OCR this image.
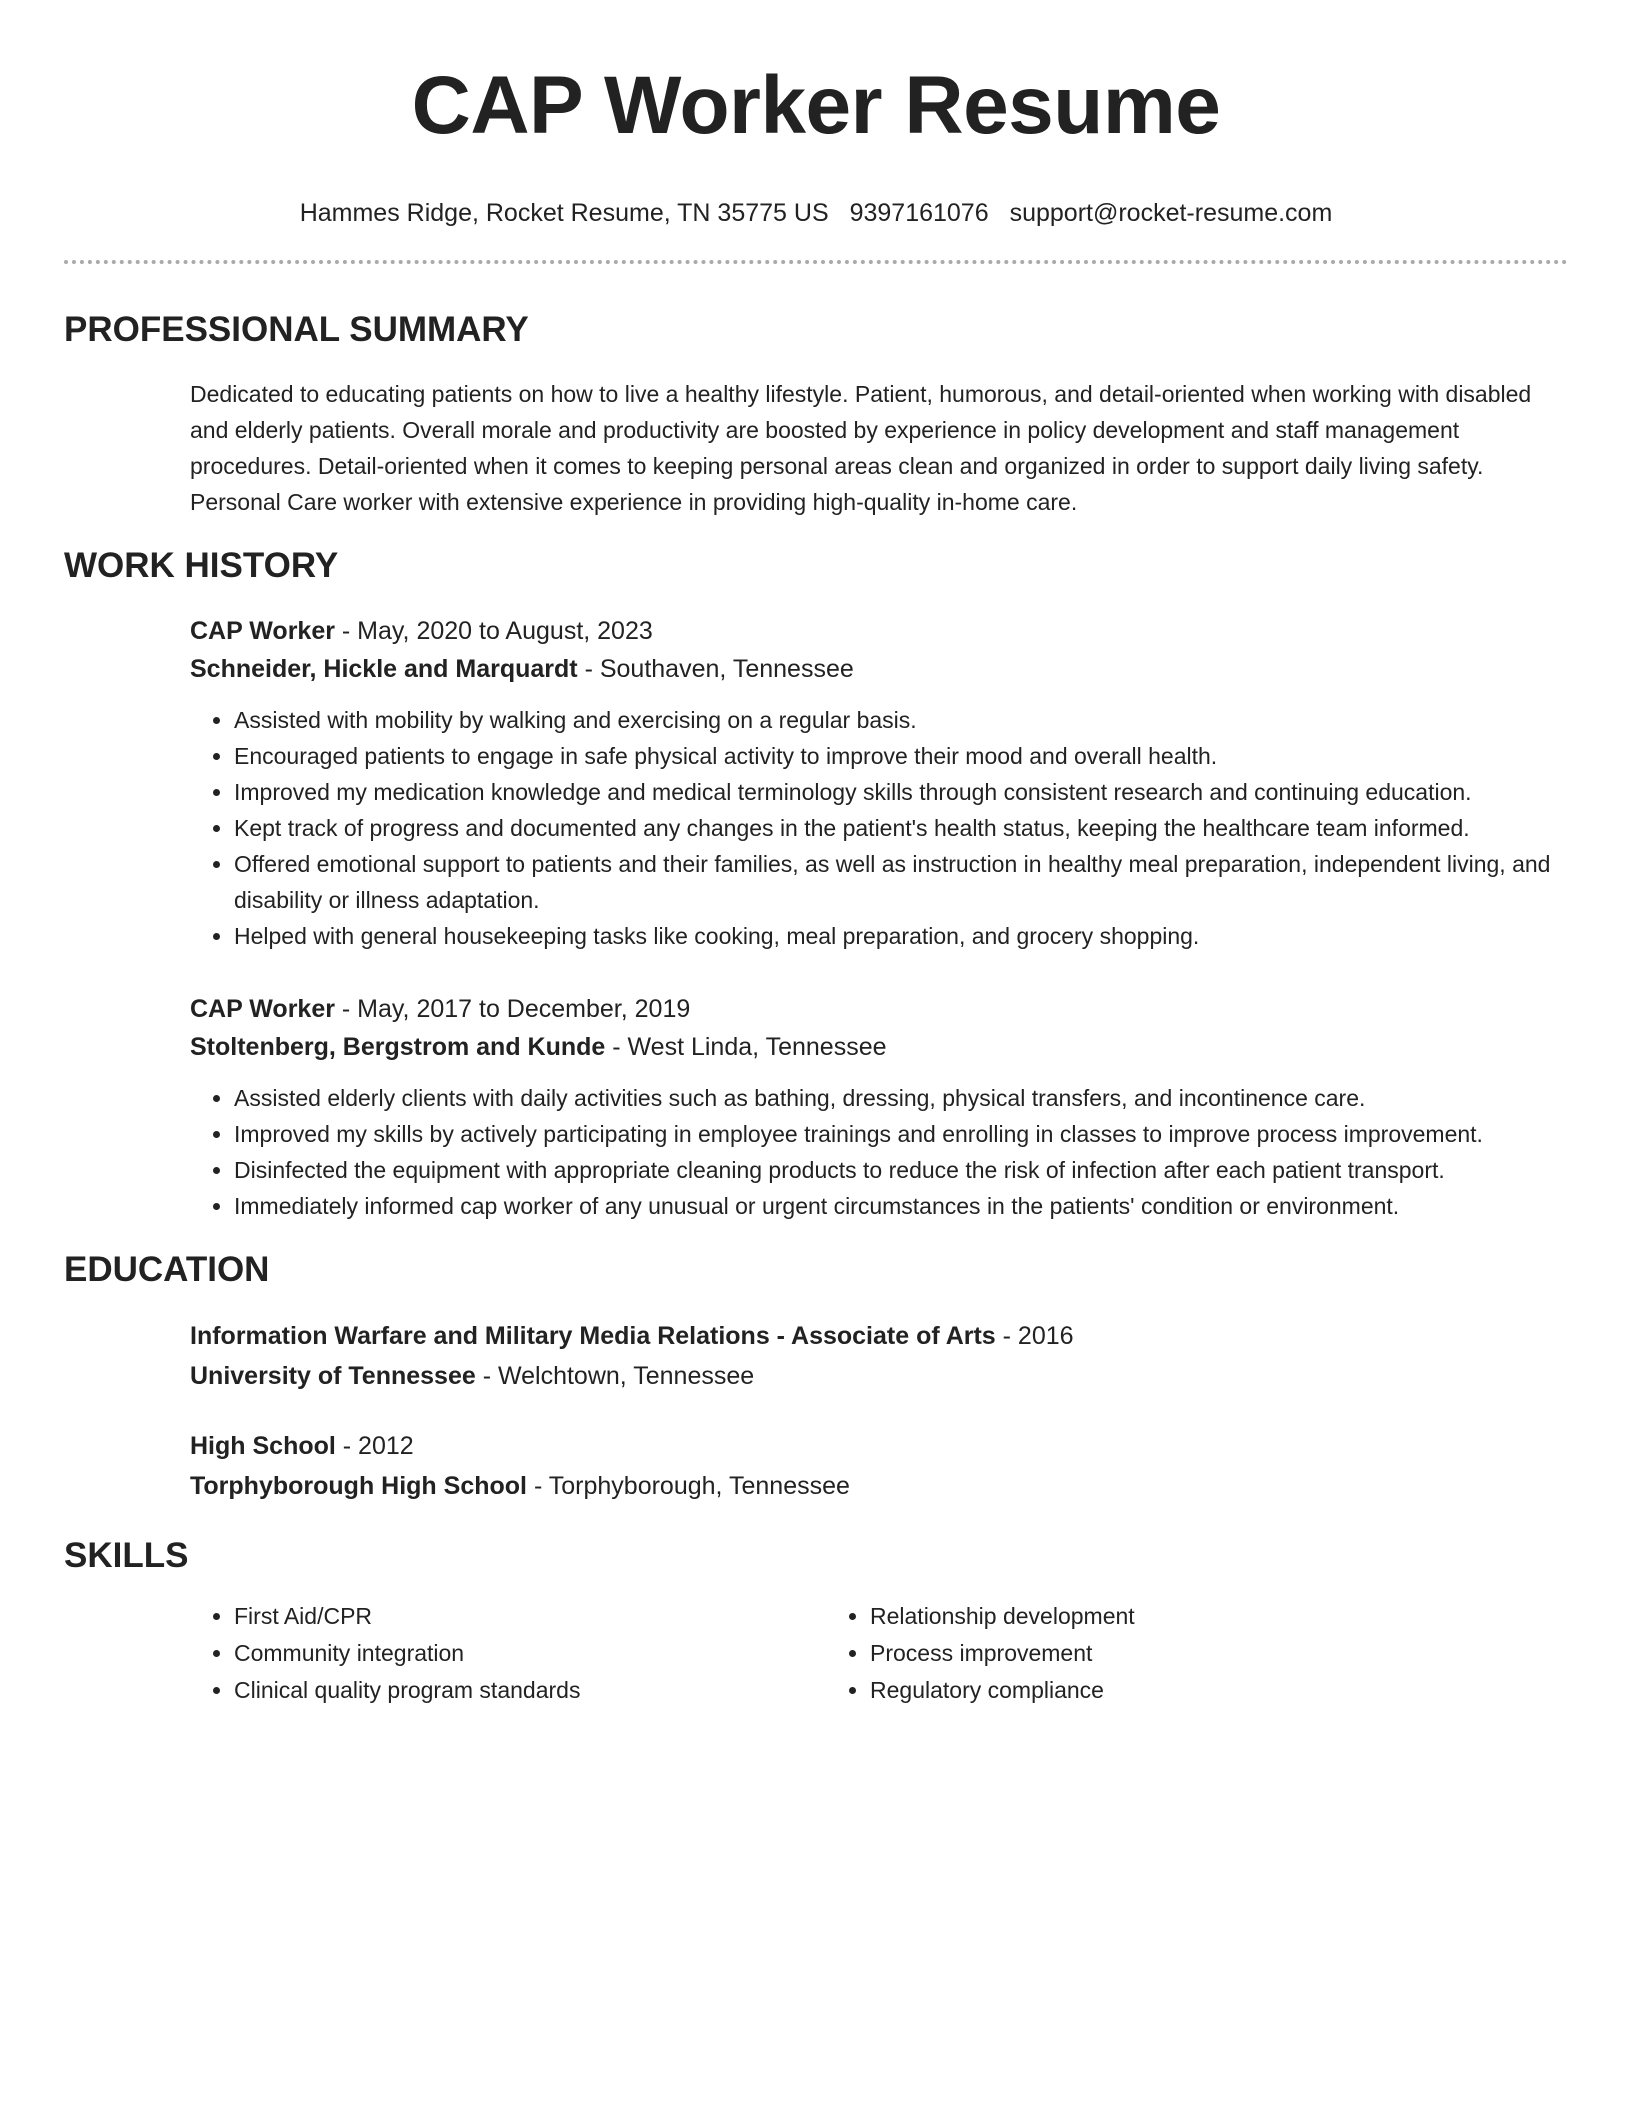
CAP Worker Resume
Hammes Ridge, Rocket Resume, TN 35775 US 9397161076 support@rocket-resume.com
PROFESSIONAL SUMMARY
Dedicated to educating patients on how to live a healthy lifestyle. Patient, humorous, and detail-oriented when working with disabled and elderly patients. Overall morale and productivity are boosted by experience in policy development and staff management procedures. Detail-oriented when it comes to keeping personal areas clean and organized in order to support daily living safety. Personal Care worker with extensive experience in providing high-quality in-home care.
WORK HISTORY
CAP Worker - May, 2020 to August, 2023
Schneider, Hickle and Marquardt - Southaven, Tennessee
• Assisted with mobility by walking and exercising on a regular basis.
• Encouraged patients to engage in safe physical activity to improve their mood and overall health.
• Improved my medication knowledge and medical terminology skills through consistent research and continuing education.
• Kept track of progress and documented any changes in the patient's health status, keeping the healthcare team informed.
• Offered emotional support to patients and their families, as well as instruction in healthy meal preparation, independent living, and disability or illness adaptation.
• Helped with general housekeeping tasks like cooking, meal preparation, and grocery shopping.
CAP Worker - May, 2017 to December, 2019
Stoltenberg, Bergstrom and Kunde - West Linda, Tennessee
• Assisted elderly clients with daily activities such as bathing, dressing, physical transfers, and incontinence care.
• Improved my skills by actively participating in employee trainings and enrolling in classes to improve process improvement.
• Disinfected the equipment with appropriate cleaning products to reduce the risk of infection after each patient transport.
• Immediately informed cap worker of any unusual or urgent circumstances in the patients' condition or environment.
EDUCATION
Information Warfare and Military Media Relations - Associate of Arts - 2016
University of Tennessee - Welchtown, Tennessee
High School - 2012
Torphyborough High School - Torphyborough, Tennessee
SKILLS
• First Aid/CPR
• Community integration
• Clinical quality program standards
• Relationship development
• Process improvement
• Regulatory compliance
